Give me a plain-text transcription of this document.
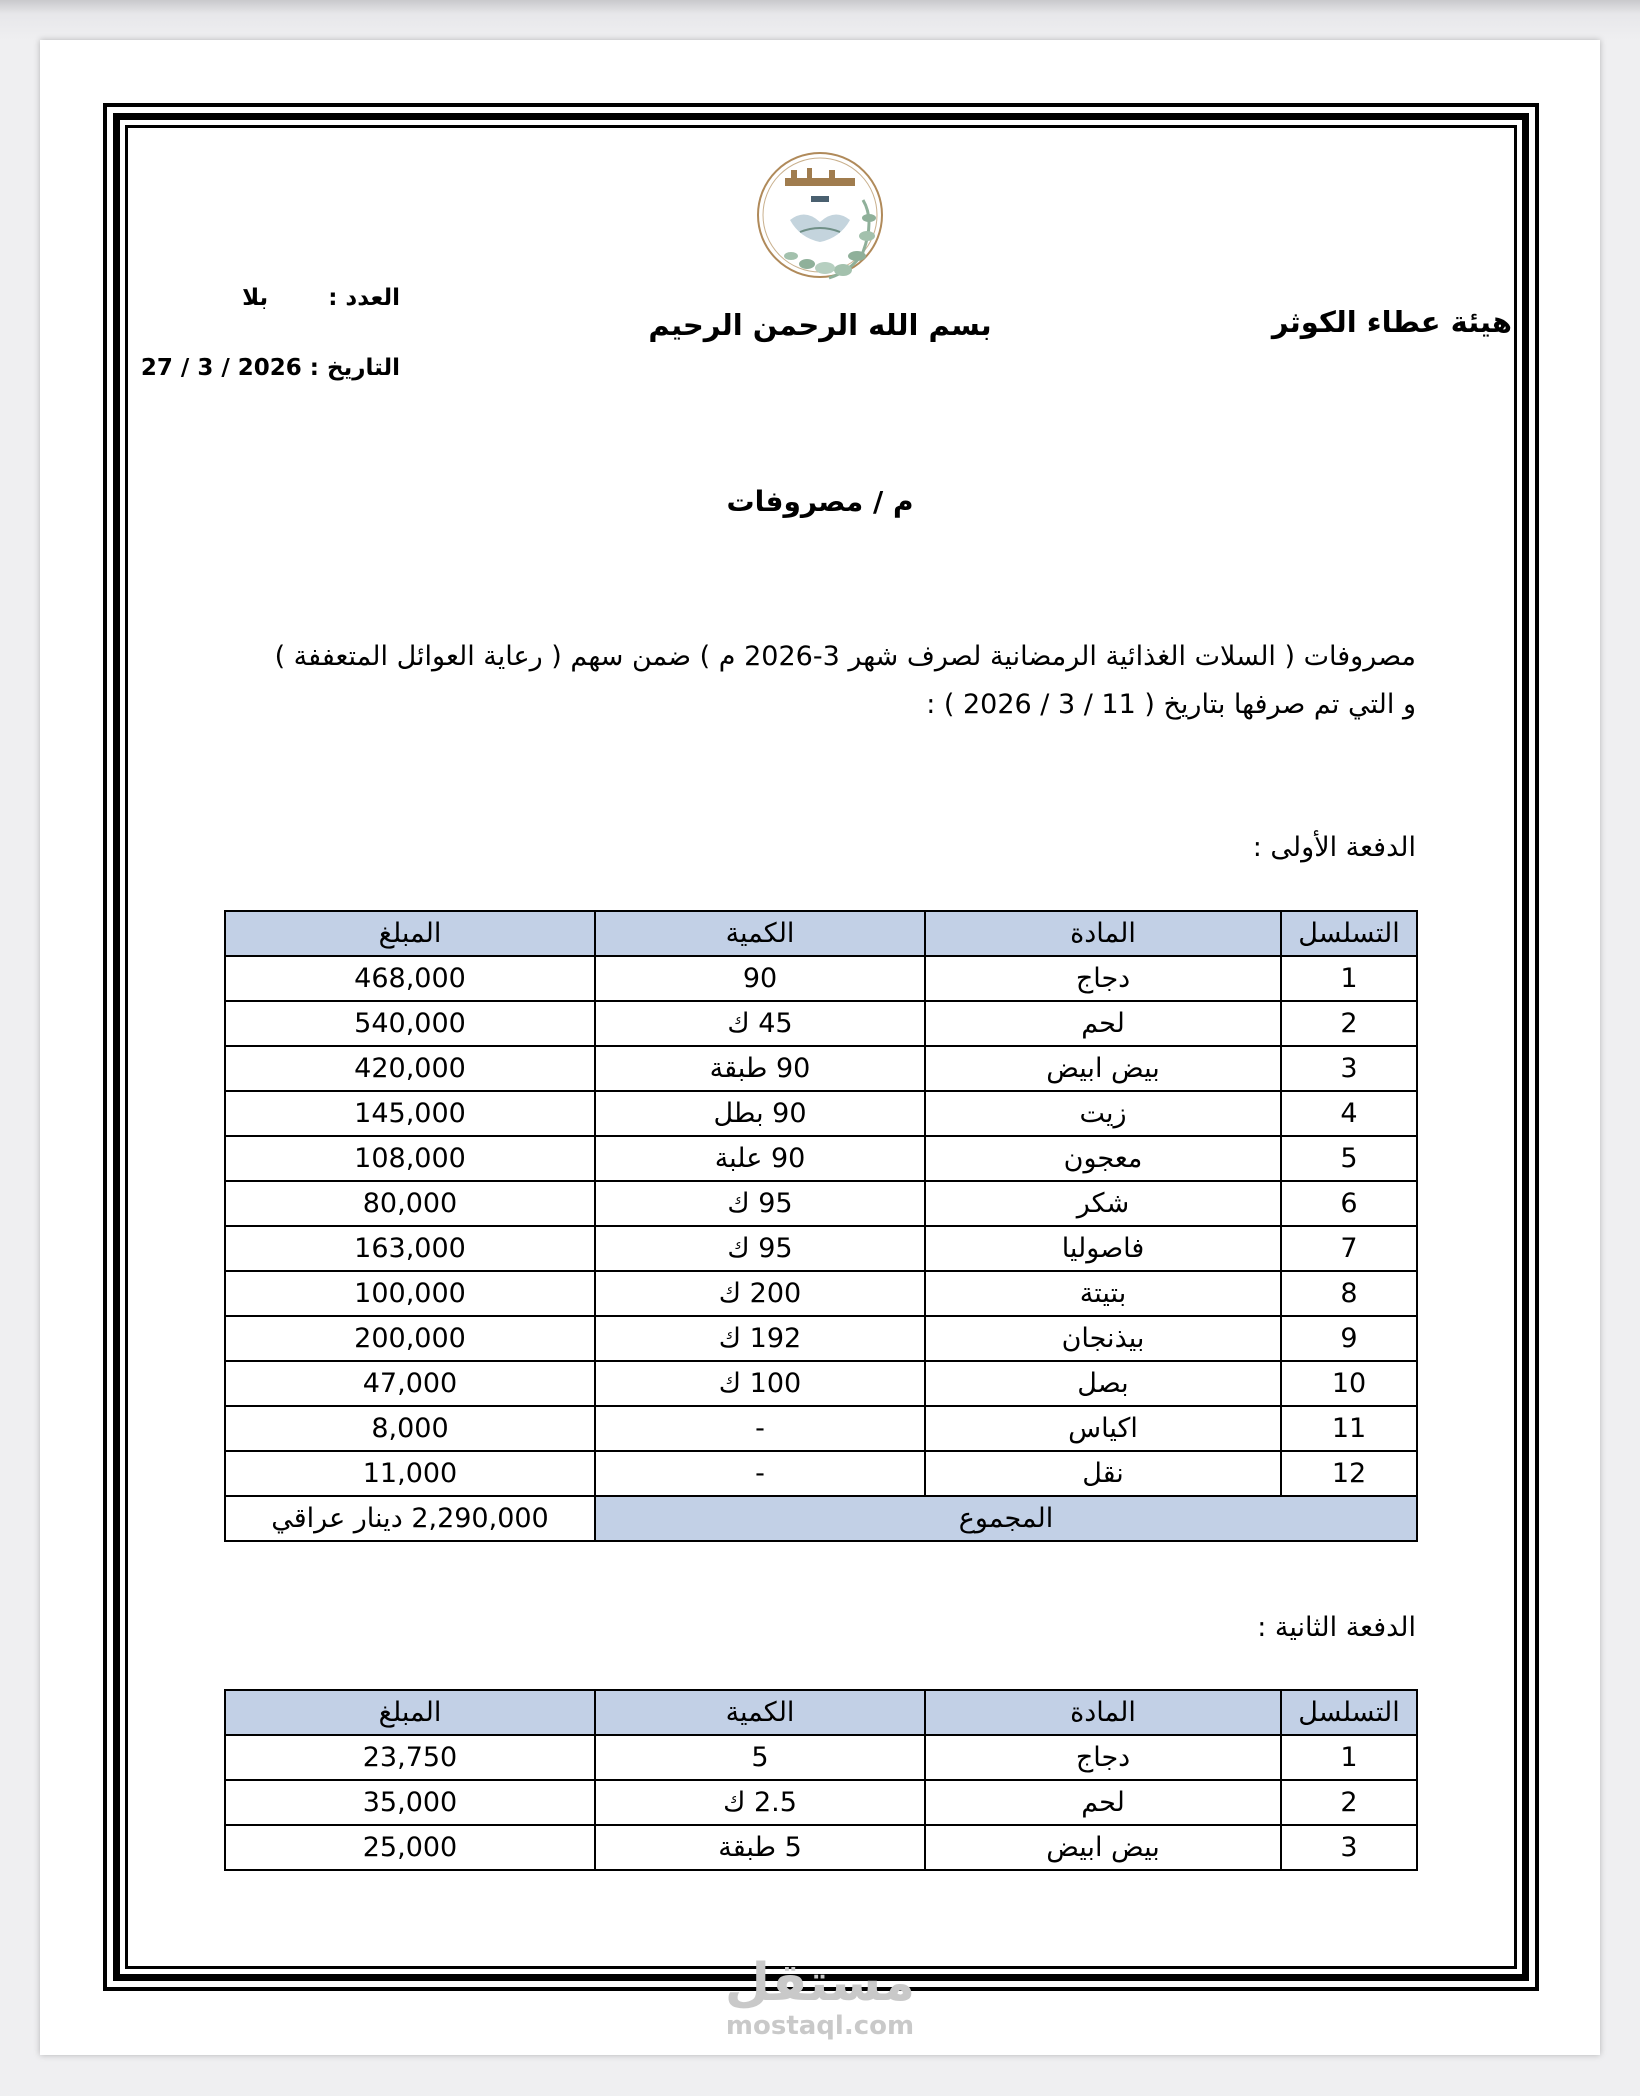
هيئة عطاء الكوثر
بسم الله الرحمن الرحيم
العدد :بلا
التاريخ : 27 / 3 / 2026
م / مصروفات
مصروفات ( السلات الغذائية الرمضانية لصرف شهر 3-2026 م ) ضمن سهم ( رعاية العوائل المتعففة )
و التي تم صرفها بتاريخ ( 11 / 3 / 2026 ) :
الدفعة الأولى :
التسلسل	المادة	الكمية	المبلغ
1	دجاج	90	468,000
2	لحم	45 ك	540,000
3	بيض ابيض	90 طبقة	420,000
4	زيت	90 بطل	145,000
5	معجون	90 علبة	108,000
6	شكر	95 ك	80,000
7	فاصوليا	95 ك	163,000
8	بتيتة	200 ك	100,000
9	بيذنجان	192 ك	200,000
10	بصل	100 ك	47,000
11	اكياس	-	8,000
12	نقل	-	11,000
المجموع			2,290,000 دينار عراقي
الدفعة الثانية :
التسلسل	المادة	الكمية	المبلغ
1	دجاج	5	23,750
2	لحم	2.5 ك	35,000
3	بيض ابيض	5 طبقة	25,000
مستقل
mostaql.com
